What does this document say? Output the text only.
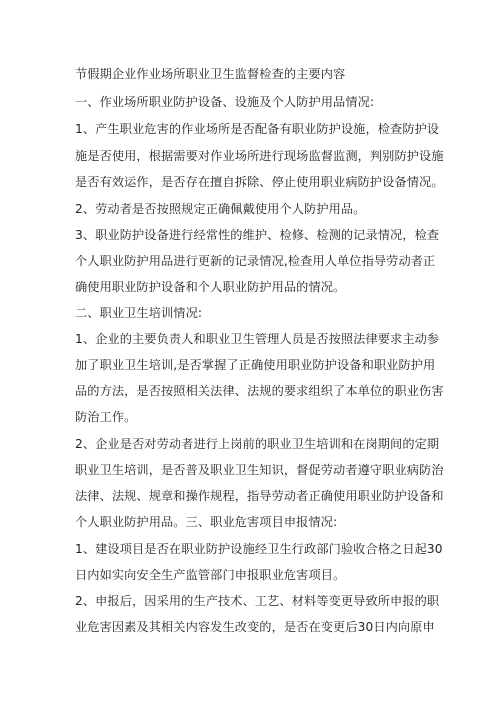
节假期企业作业场所职业卫生监督检查的主要内容
一、作业场所职业防护设备、设施及个人防护用品情况:
1、产生职业危害的作业场所是否配备有职业防护设施，检查防护设
施是否使用，根据需要对作业场所进行现场监督监测，判别防护设施
是否有效运作，是否存在擅自拆除、停止使用职业病防护设备情况。
2、劳动者是否按照规定正确佩戴使用个人防护用品。
3、职业防护设备进行经常性的维护、检修、检测的记录情况，检查
个人职业防护用品进行更新的记录情况,检查用人单位指导劳动者正
确使用职业防护设备和个人职业防护用品的情况。
二、职业卫生培训情况:
1、企业的主要负责人和职业卫生管理人员是否按照法律要求主动参
加了职业卫生培训,是否掌握了正确使用职业防护设备和职业防护用
品的方法，是否按照相关法律、法规的要求组织了本单位的职业伤害
防治工作。
2、企业是否对劳动者进行上岗前的职业卫生培训和在岗期间的定期
职业卫生培训，是否普及职业卫生知识，督促劳动者遵守职业病防治
法律、法规、规章和操作规程，指导劳动者正确使用职业防护设备和
个人职业防护用品。三、职业危害项目申报情况:
1、建设项目是否在职业防护设施经卫生行政部门验收合格之日起30
日内如实向安全生产监管部门申报职业危害项目。
2、申报后，因采用的生产技术、工艺、材料等变更导致所申报的职
业危害因素及其相关内容发生改变的，是否在变更后30日内向原申
